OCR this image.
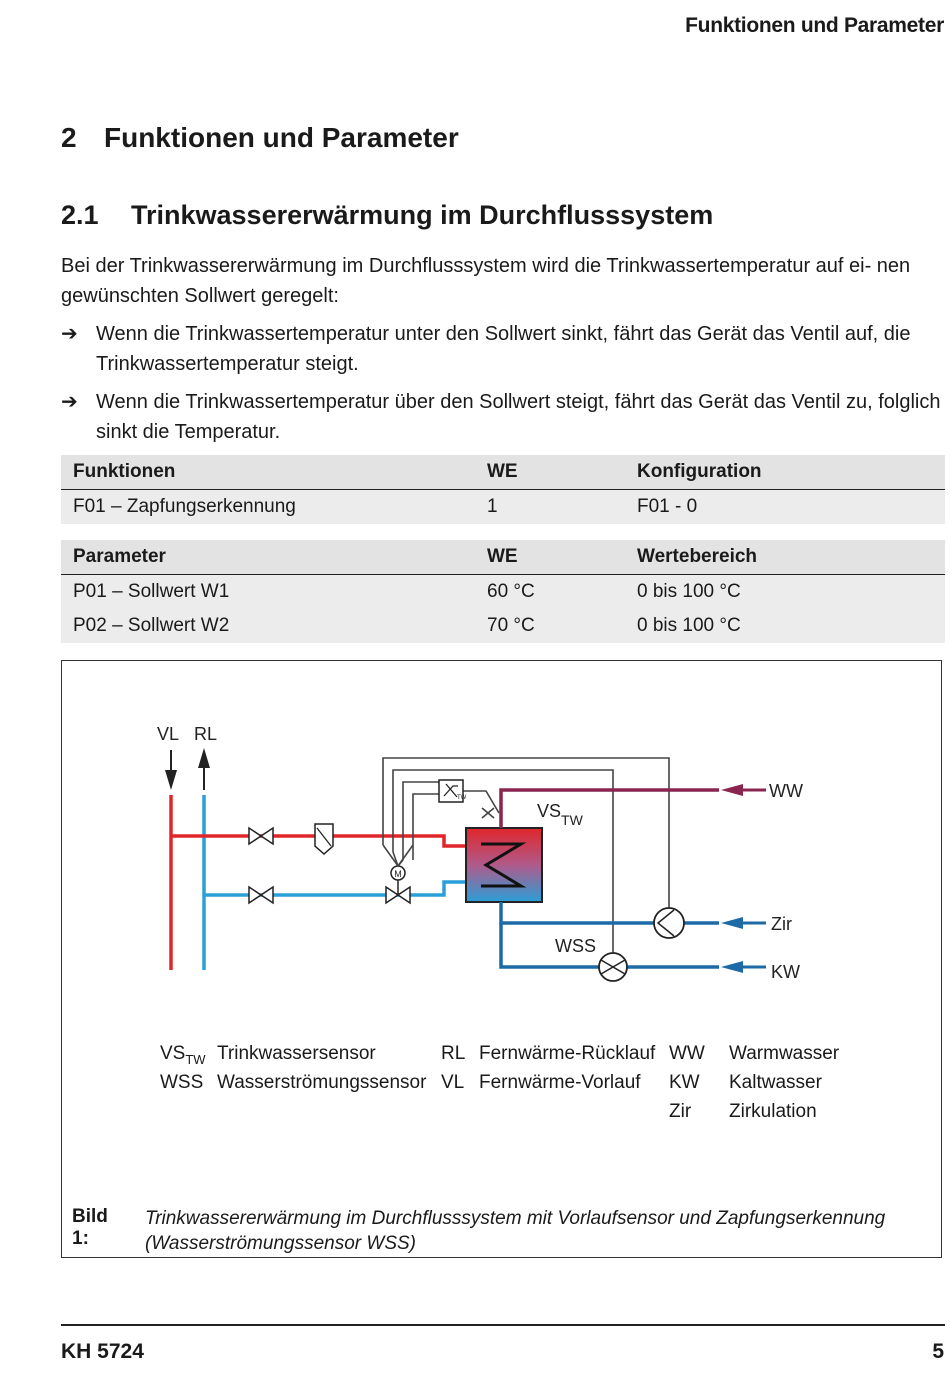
Funktionen und Parameter
2 Funktionen und Parameter
2.1 Trinkwassererwärmung im Durchflusssystem
Bei der Trinkwassererwärmung im Durchflusssystem wird die Trinkwassertemperatur auf ei- nen gewünschten Sollwert geregelt:
➔ Wenn die Trinkwassertemperatur unter den Sollwert sinkt, fährt das Gerät das Ventil auf, die Trinkwassertemperatur steigt.
➔ Wenn die Trinkwassertemperatur über den Sollwert steigt, fährt das Gerät das Ventil zu, folglich sinkt die Temperatur.
Funktionen	WE	Konfiguration
F01 – Zapfungserkennung	1	F01 - 0
Parameter	WE	Wertebereich
P01 – Sollwert W1	60 °C	0 bis 100 °C
P02 – Sollwert W2	70 °C	0 bis 100 °C
VL RL
M
TW
$VS_{TW}$
WW
WSS
Zir
KW
$VS_{TW}$ Trinkwassersensor
WSS Wasserströmungssensor
RL Fernwärme-Rücklauf
VL Fernwärme-Vorlauf
WW Warmwasser
KW Kaltwasser
Zir Zirkulation
Bild 1:
Trinkwassererwärmung im Durchflusssystem mit Vorlaufsensor und Zapfungserkennung (Wasserströmungssensor WSS)
KH 5724	5
